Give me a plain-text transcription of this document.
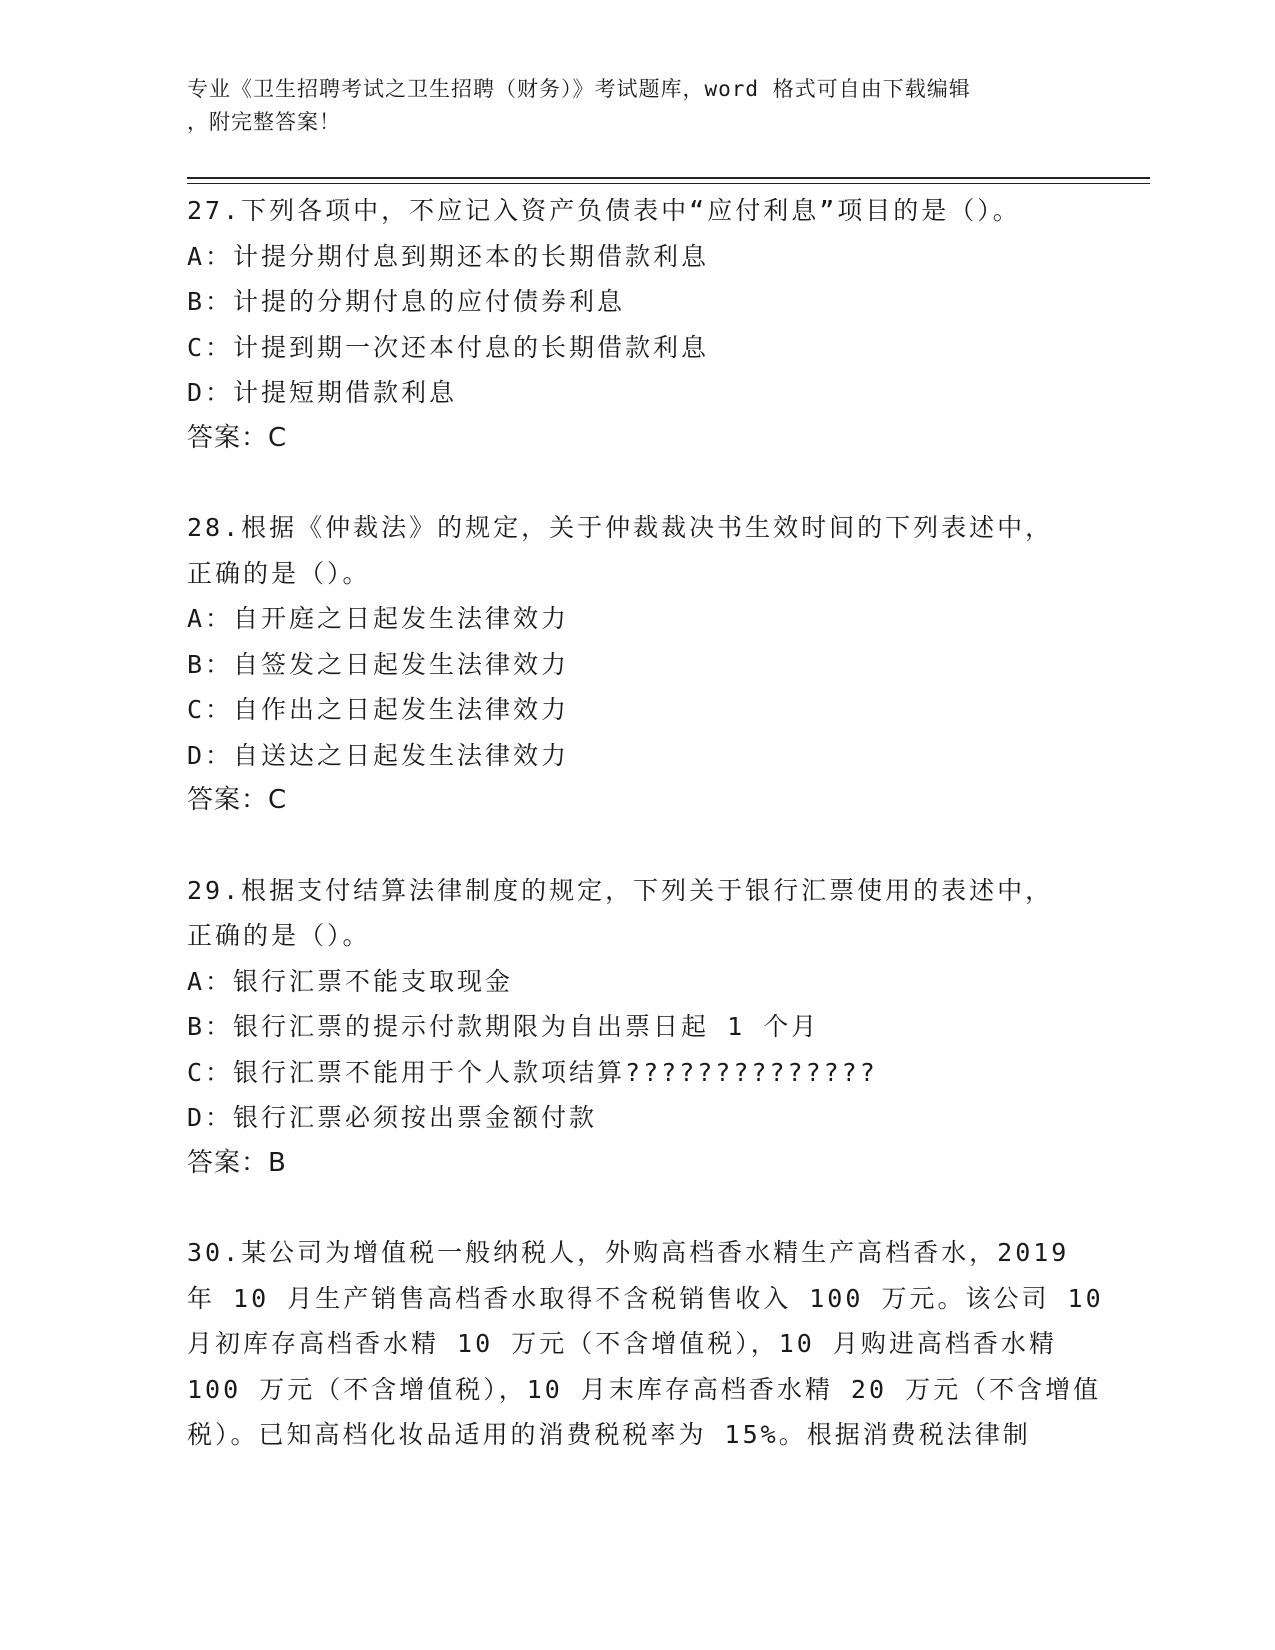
专业《卫生招聘考试之卫生招聘（财务）》考试题库，word 格式可自由下载编辑
，附完整答案！
27.下列各项中，不应记入资产负债表中“应付利息”项目的是（）。
A：计提分期付息到期还本的长期借款利息
B：计提的分期付息的应付债券利息
C：计提到期一次还本付息的长期借款利息
D：计提短期借款利息
答案：C
28.根据《仲裁法》的规定，关于仲裁裁决书生效时间的下列表述中，
正确的是（）。
A：自开庭之日起发生法律效力
B：自签发之日起发生法律效力
C：自作出之日起发生法律效力
D：自送达之日起发生法律效力
答案：C
29.根据支付结算法律制度的规定，下列关于银行汇票使用的表述中，
正确的是（）。
A：银行汇票不能支取现金
B：银行汇票的提示付款期限为自出票日起 1 个月
C：银行汇票不能用于个人款项结算??????????????
D：银行汇票必须按出票金额付款
答案：B
30.某公司为增值税一般纳税人，外购高档香水精生产高档香水，2019
年 10 月生产销售高档香水取得不含税销售收入 100 万元。该公司 10
月初库存高档香水精 10 万元（不含增值税），10 月购进高档香水精
100 万元（不含增值税），10 月末库存高档香水精 20 万元（不含增值
税）。已知高档化妆品适用的消费税税率为 15%。根据消费税法律制
